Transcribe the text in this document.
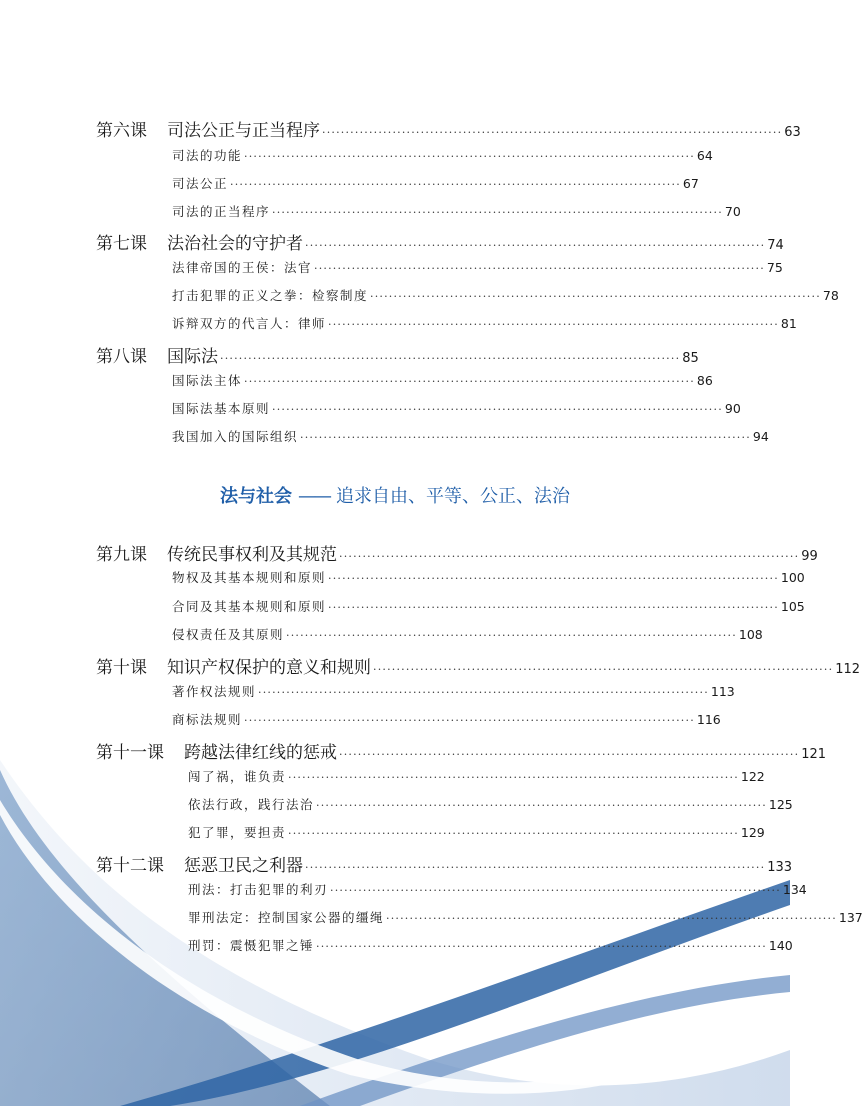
第六课	司法公正与正当程序 ·································································································· 63
司法的功能 ································································································ 64
司法公正 ································································································ 67
司法的正当程序 ································································································ 70
第七课	法治社会的守护者 ·································································································· 74
法律帝国的王侯：法官 ································································································ 75
打击犯罪的正义之拳：检察制度 ································································································ 78
诉辩双方的代言人：律师 ································································································ 81
第八课	国际法 ·································································································· 85
国际法主体 ································································································ 86
国际法基本原则 ································································································ 90
我国加入的国际组织 ································································································ 94
法与社会 —— 追求自由、平等、公正、法治
第九课	传统民事权利及其规范 ·································································································· 99
物权及其基本规则和原则 ································································································ 100
合同及其基本规则和原则 ································································································ 105
侵权责任及其原则 ································································································ 108
第十课	知识产权保护的意义和规则 ·································································································· 112
著作权法规则 ································································································ 113
商标法规则 ································································································ 116
第十一课	跨越法律红线的惩戒 ·································································································· 121
闯了祸，谁负责 ································································································ 122
依法行政，践行法治 ································································································ 125
犯了罪，要担责 ································································································ 129
第十二课	惩恶卫民之利器 ·································································································· 133
刑法：打击犯罪的利刃 ································································································ 134
罪刑法定：控制国家公器的缰绳 ································································································ 137
刑罚：震慑犯罪之锤 ································································································ 140
